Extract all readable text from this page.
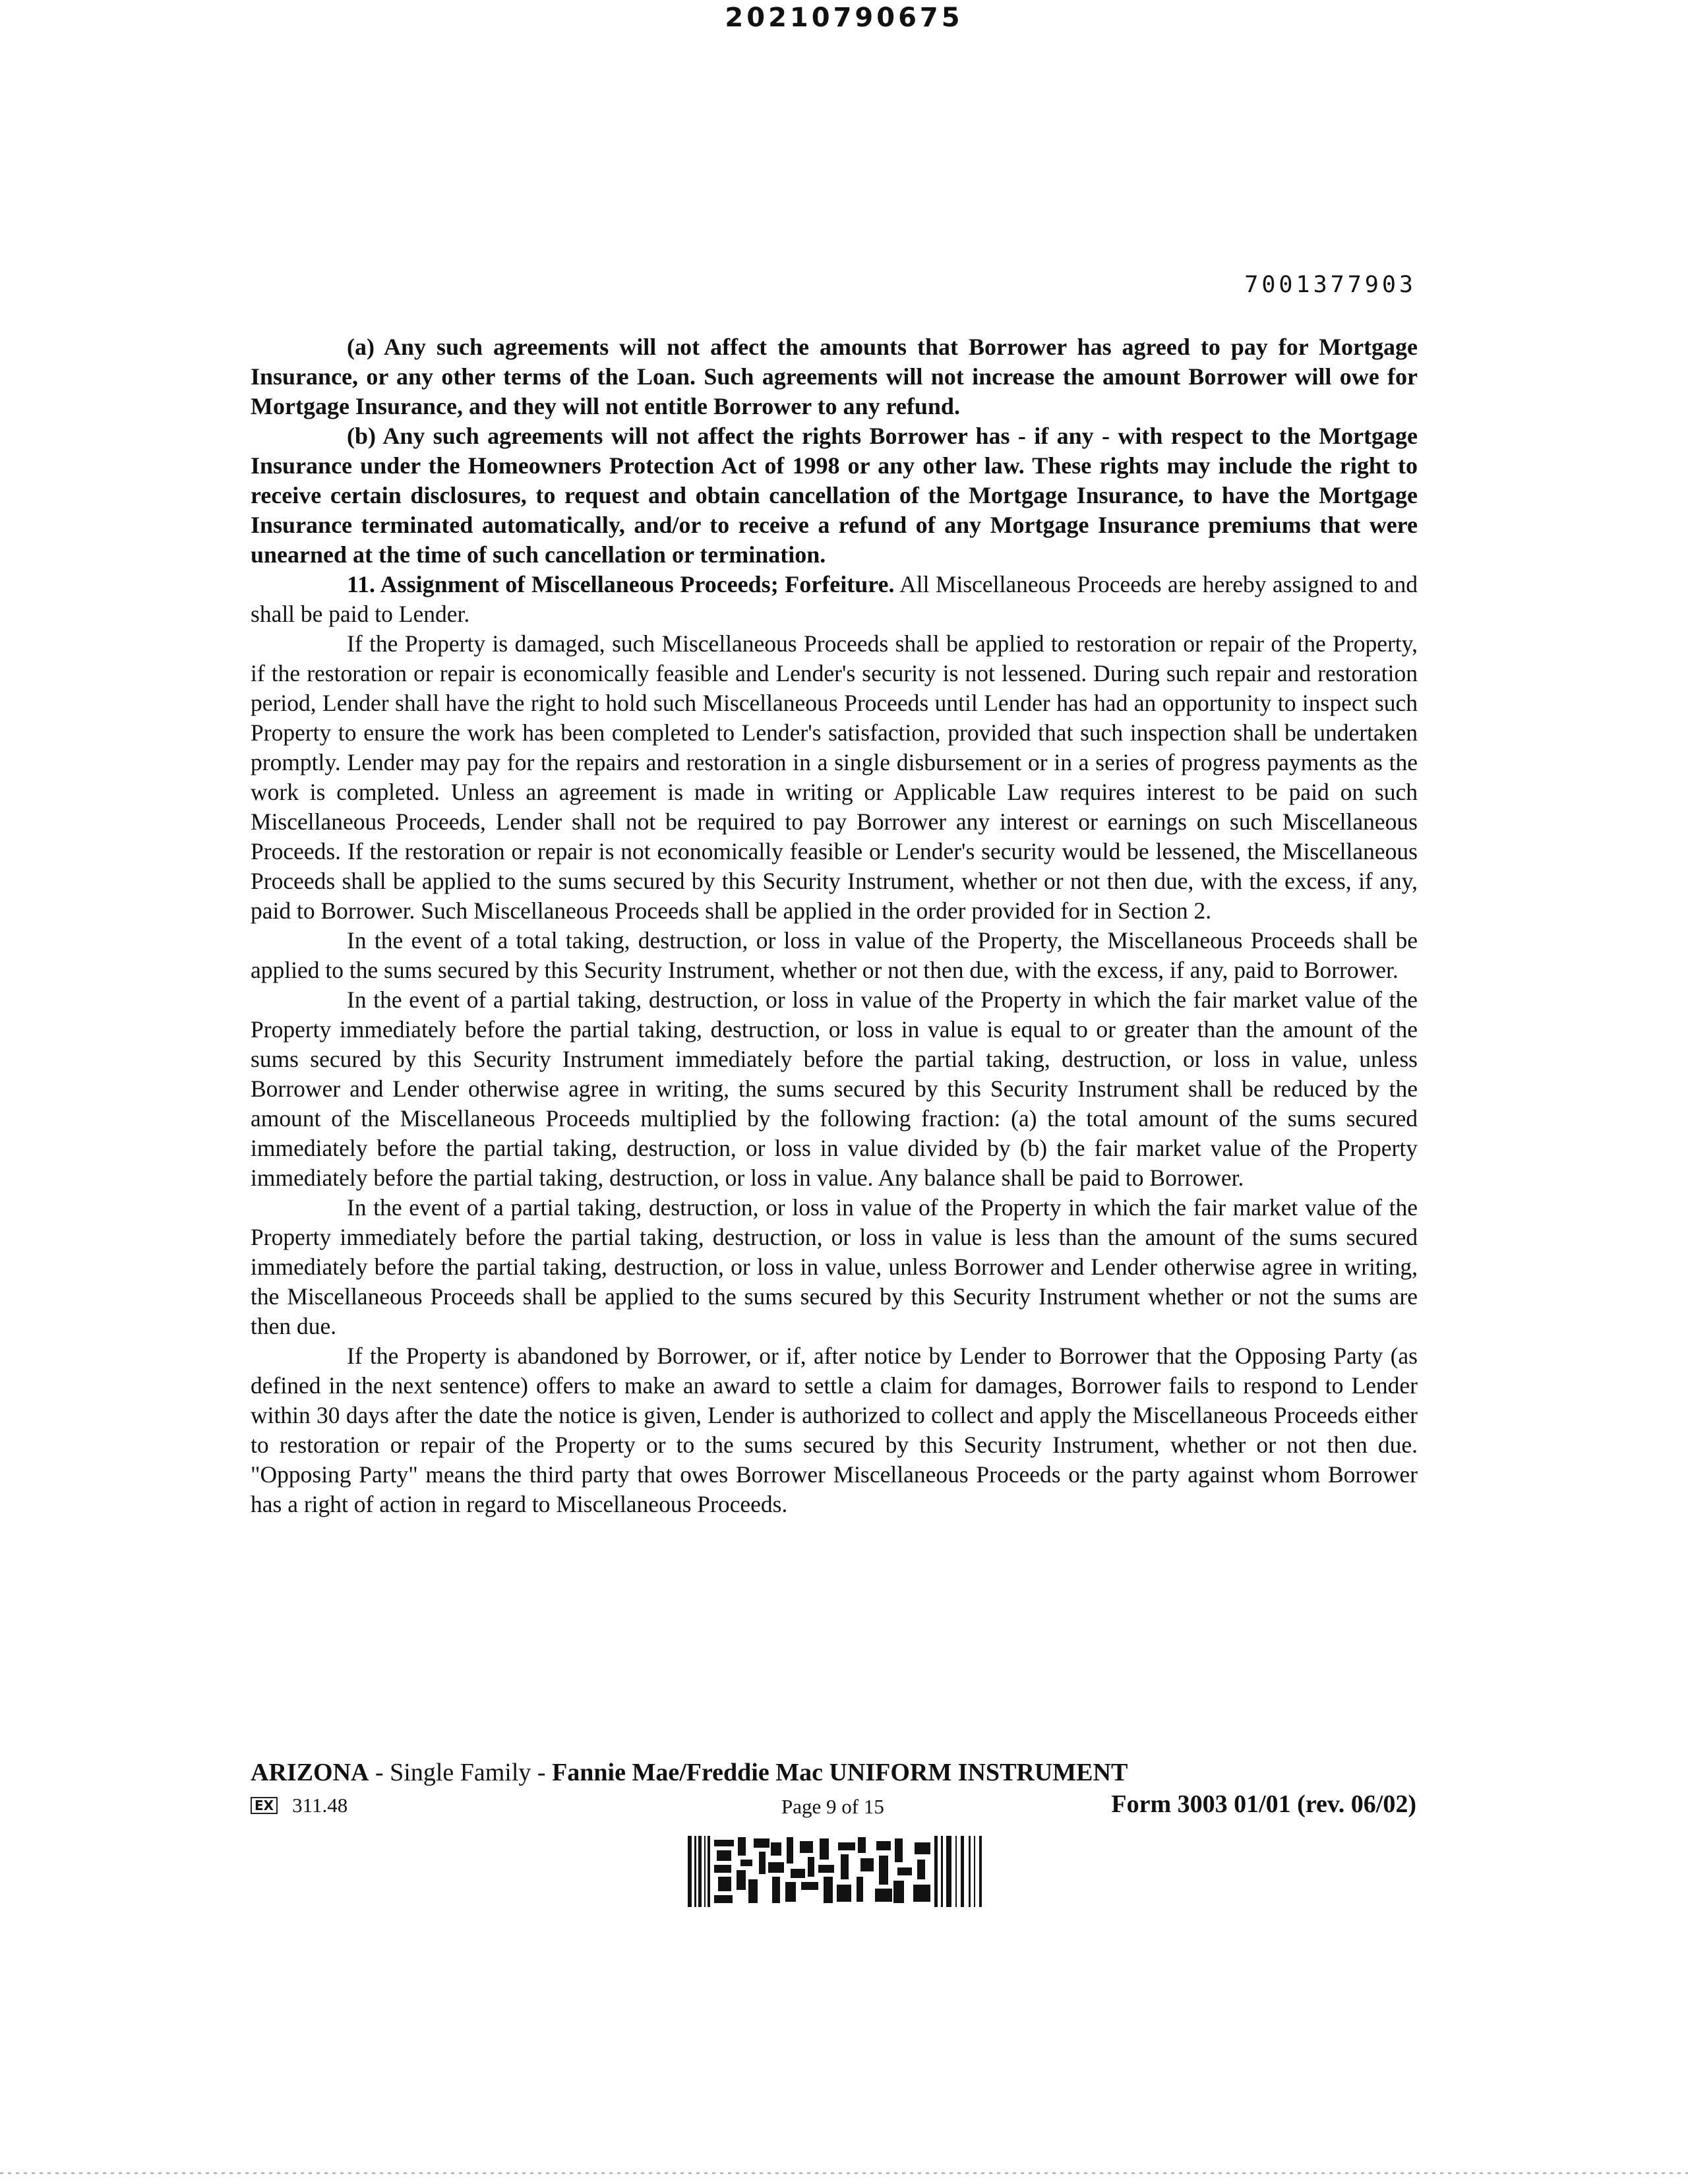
20210790675
7001377903

(a) Any such agreements will not affect the amounts that Borrower has agreed to pay for Mortgage Insurance, or any other terms of the Loan. Such agreements will not increase the amount Borrower will owe for Mortgage Insurance, and they will not entitle Borrower to any refund.

(b) Any such agreements will not affect the rights Borrower has - if any - with respect to the Mortgage Insurance under the Homeowners Protection Act of 1998 or any other law. These rights may include the right to receive certain disclosures, to request and obtain cancellation of the Mortgage Insurance, to have the Mortgage Insurance terminated automatically, and/or to receive a refund of any Mortgage Insurance premiums that were unearned at the time of such cancellation or termination.

11. Assignment of Miscellaneous Proceeds; Forfeiture. All Miscellaneous Proceeds are hereby assigned to and shall be paid to Lender.

If the Property is damaged, such Miscellaneous Proceeds shall be applied to restoration or repair of the Property, if the restoration or repair is economically feasible and Lender's security is not lessened. During such repair and restoration period, Lender shall have the right to hold such Miscellaneous Proceeds until Lender has had an opportunity to inspect such Property to ensure the work has been completed to Lender's satisfaction, provided that such inspection shall be undertaken promptly. Lender may pay for the repairs and restoration in a single disbursement or in a series of progress payments as the work is completed. Unless an agreement is made in writing or Applicable Law requires interest to be paid on such Miscellaneous Proceeds, Lender shall not be required to pay Borrower any interest or earnings on such Miscellaneous Proceeds. If the restoration or repair is not economically feasible or Lender's security would be lessened, the Miscellaneous Proceeds shall be applied to the sums secured by this Security Instrument, whether or not then due, with the excess, if any, paid to Borrower. Such Miscellaneous Proceeds shall be applied in the order provided for in Section 2.

In the event of a total taking, destruction, or loss in value of the Property, the Miscellaneous Proceeds shall be applied to the sums secured by this Security Instrument, whether or not then due, with the excess, if any, paid to Borrower.

In the event of a partial taking, destruction, or loss in value of the Property in which the fair market value of the Property immediately before the partial taking, destruction, or loss in value is equal to or greater than the amount of the sums secured by this Security Instrument immediately before the partial taking, destruction, or loss in value, unless Borrower and Lender otherwise agree in writing, the sums secured by this Security Instrument shall be reduced by the amount of the Miscellaneous Proceeds multiplied by the following fraction: (a) the total amount of the sums secured immediately before the partial taking, destruction, or loss in value divided by (b) the fair market value of the Property immediately before the partial taking, destruction, or loss in value. Any balance shall be paid to Borrower.

In the event of a partial taking, destruction, or loss in value of the Property in which the fair market value of the Property immediately before the partial taking, destruction, or loss in value is less than the amount of the sums secured immediately before the partial taking, destruction, or loss in value, unless Borrower and Lender otherwise agree in writing, the Miscellaneous Proceeds shall be applied to the sums secured by this Security Instrument whether or not the sums are then due.

If the Property is abandoned by Borrower, or if, after notice by Lender to Borrower that the Opposing Party (as defined in the next sentence) offers to make an award to settle a claim for damages, Borrower fails to respond to Lender within 30 days after the date the notice is given, Lender is authorized to collect and apply the Miscellaneous Proceeds either to restoration or repair of the Property or to the sums secured by this Security Instrument, whether or not then due. "Opposing Party" means the third party that owes Borrower Miscellaneous Proceeds or the party against whom Borrower has a right of action in regard to Miscellaneous Proceeds.

ARIZONA - Single Family - Fannie Mae/Freddie Mac UNIFORM INSTRUMENT
EX 311.48	Page 9 of 15	Form 3003 01/01 (rev. 06/02)
